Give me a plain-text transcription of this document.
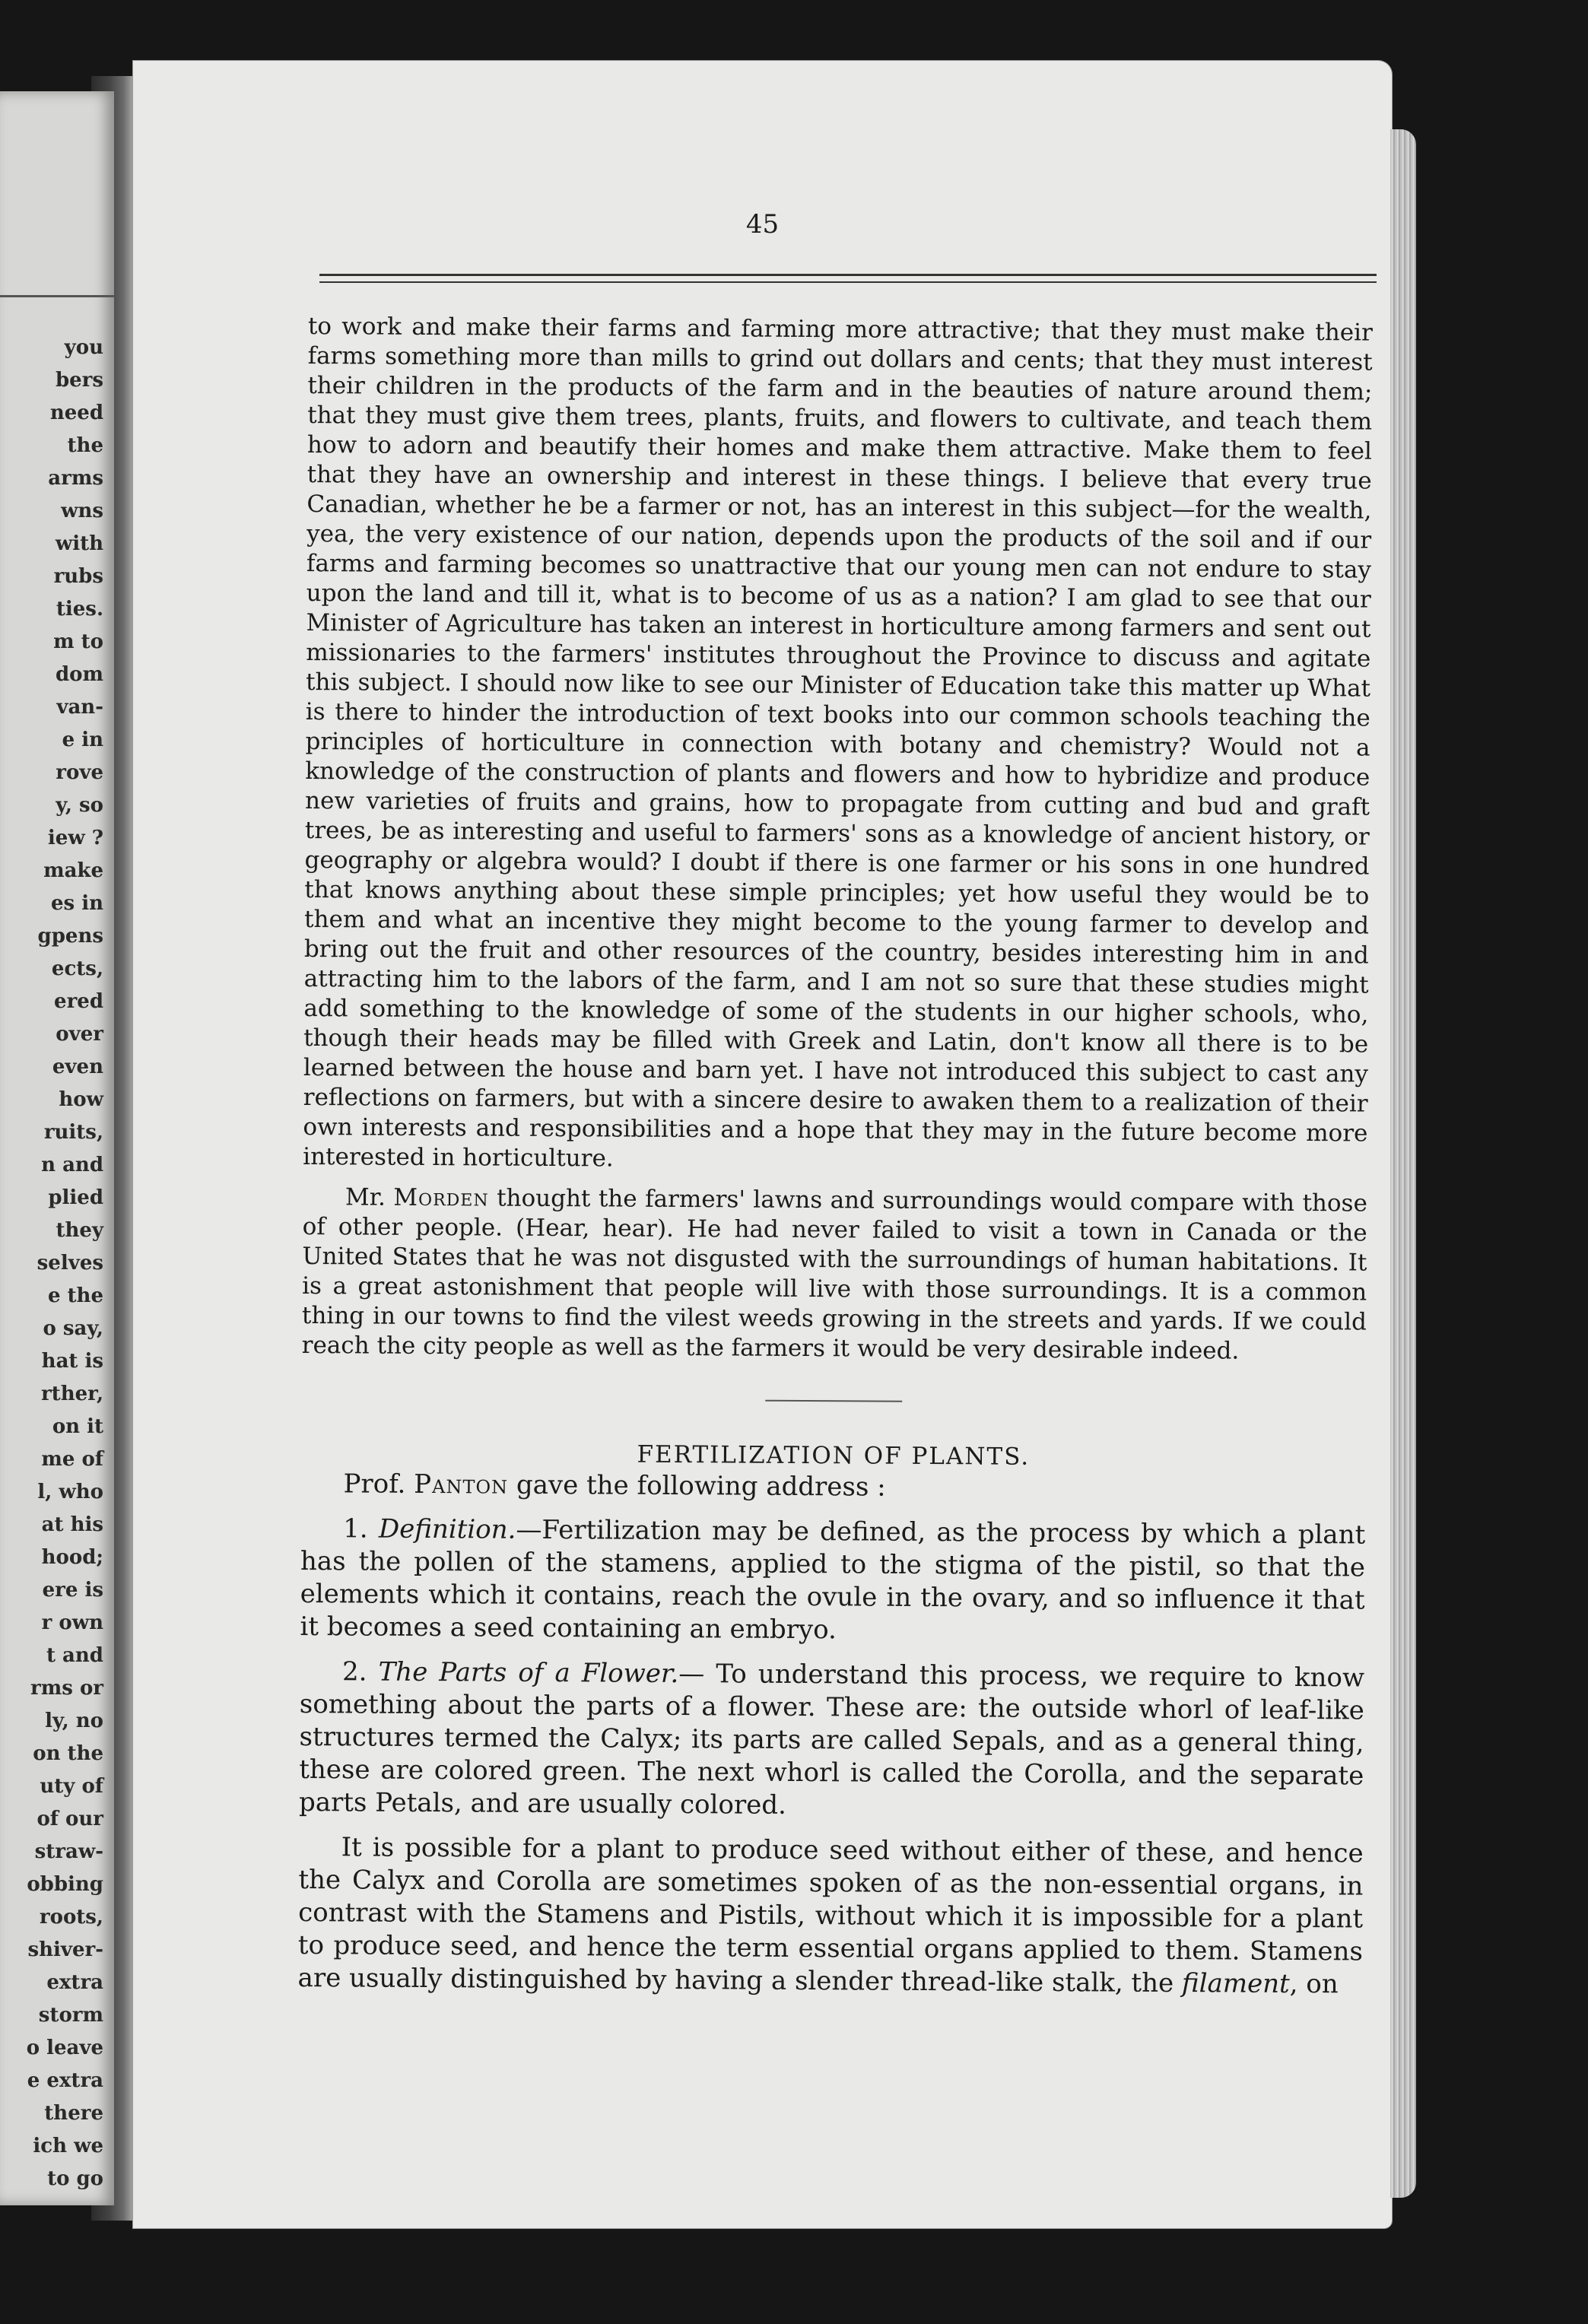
you
bers
need
the
arms
wns
with
rubs
ties.
m to
dom
van-
e in
rove
y, so
iew ?
make
es in
gpens
ects,
ered
over
even
how
ruits,
n and
plied
they
selves
e the
o say,
hat is
rther,
on it
me of
l, who
at his
hood;
ere is
r own
t and
rms or
ly, no
on the
uty of
of our
straw-
obbing
roots,
shiver-
extra
storm
o leave
e extra
there
ich we
to go
45

to work and make their farms and farming more attractive; that they must make their farms something more than mills to grind out dollars and cents; that they must interest their children in the products of the farm and in the beauties of nature around them; that they must give them trees, plants, fruits, and flowers to cultivate, and teach them how to adorn and beautify their homes and make them attractive. Make them to feel that they have an ownership and interest in these things. I believe that every true Canadian, whether he be a farmer or not, has an interest in this subject—for the wealth, yea, the very existence of our nation, depends upon the products of the soil and if our farms and farming becomes so unattractive that our young men can not endure to stay upon the land and till it, what is to become of us as a nation? I am glad to see that our Minister of Agriculture has taken an interest in horticulture among farmers and sent out missionaries to the farmers' institutes throughout the Province to discuss and agitate this subject. I should now like to see our Minister of Education take this matter up What is there to hinder the introduction of text books into our common schools teaching the principles of horticulture in connection with botany and chemistry? Would not a knowledge of the construction of plants and flowers and how to hybridize and produce new varieties of fruits and grains, how to propagate from cutting and bud and graft trees, be as interesting and useful to farmers' sons as a knowledge of ancient history, or geography or algebra would? I doubt if there is one farmer or his sons in one hundred that knows anything about these simple principles; yet how useful they would be to them and what an incentive they might become to the young farmer to develop and bring out the fruit and other resources of the country, besides interesting him in and attracting him to the labors of the farm, and I am not so sure that these studies might add something to the knowledge of some of the students in our higher schools, who, though their heads may be filled with Greek and Latin, don't know all there is to be learned between the house and barn yet. I have not introduced this subject to cast any reflections on farmers, but with a sincere desire to awaken them to a realization of their own interests and responsibilities and a hope that they may in the future become more interested in horticulture.

Mr. Morden thought the farmers' lawns and surroundings would compare with those of other people. (Hear, hear). He had never failed to visit a town in Canada or the United States that he was not disgusted with the surroundings of human habitations. It is a great astonishment that people will live with those surroundings. It is a common thing in our towns to find the vilest weeds growing in the streets and yards. If we could reach the city people as well as the farmers it would be very desirable indeed.

FERTILIZATION OF PLANTS.

Prof. Panton gave the following address :

1. Definition.—Fertilization may be defined, as the process by which a plant has the pollen of the stamens, applied to the stigma of the pistil, so that the elements which it contains, reach the ovule in the ovary, and so influence it that it becomes a seed containing an embryo.

2. The Parts of a Flower.— To understand this process, we require to know something about the parts of a flower. These are: the outside whorl of leaf-like structures termed the Calyx; its parts are called Sepals, and as a general thing, these are colored green. The next whorl is called the Corolla, and the separate parts Petals, and are usually colored.

It is possible for a plant to produce seed without either of these, and hence the Calyx and Corolla are sometimes spoken of as the non-essential organs, in contrast with the Stamens and Pistils, without which it is impossible for a plant to produce seed, and hence the term essential organs applied to them. Stamens are usually distinguished by having a slender thread-like stalk, the filament, on
